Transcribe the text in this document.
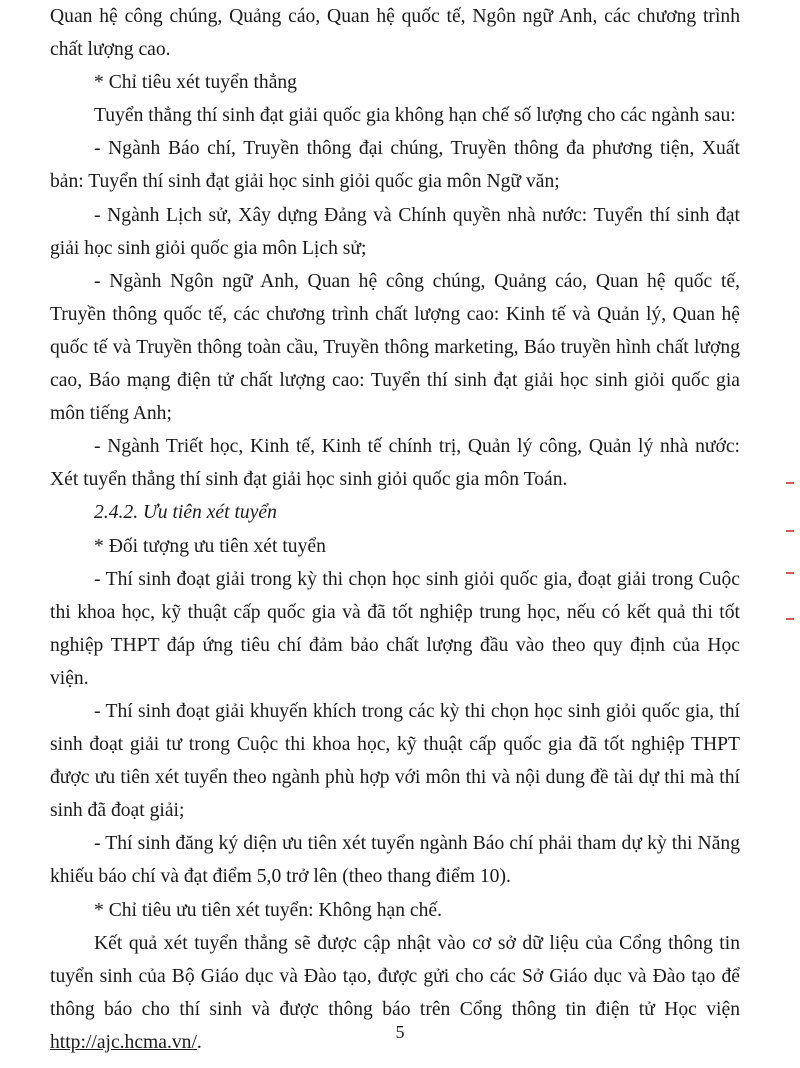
Quan hệ công chúng, Quảng cáo, Quan hệ quốc tế, Ngôn ngữ Anh, các chương trình chất lượng cao.

* Chỉ tiêu xét tuyển thẳng

Tuyển thẳng thí sinh đạt giải quốc gia không hạn chế số lượng cho các ngành sau:

- Ngành Báo chí, Truyền thông đại chúng, Truyền thông đa phương tiện, Xuất bản: Tuyển thí sinh đạt giải học sinh giỏi quốc gia môn Ngữ văn;

- Ngành Lịch sử, Xây dựng Đảng và Chính quyền nhà nước: Tuyển thí sinh đạt giải học sinh giỏi quốc gia môn Lịch sử;

- Ngành Ngôn ngữ Anh, Quan hệ công chúng, Quảng cáo, Quan hệ quốc tế, Truyền thông quốc tế, các chương trình chất lượng cao: Kinh tế và Quản lý, Quan hệ quốc tế và Truyền thông toàn cầu, Truyền thông marketing, Báo truyền hình chất lượng cao, Báo mạng điện tử chất lượng cao: Tuyển thí sinh đạt giải học sinh giỏi quốc gia môn tiếng Anh;

- Ngành Triết học, Kinh tế, Kinh tế chính trị, Quản lý công, Quản lý nhà nước: Xét tuyển thẳng thí sinh đạt giải học sinh giỏi quốc gia môn Toán.

2.4.2. Ưu tiên xét tuyển

* Đối tượng ưu tiên xét tuyển

- Thí sinh đoạt giải trong kỳ thi chọn học sinh giỏi quốc gia, đoạt giải trong Cuộc thi khoa học, kỹ thuật cấp quốc gia và đã tốt nghiệp trung học, nếu có kết quả thi tốt nghiệp THPT đáp ứng tiêu chí đảm bảo chất lượng đầu vào theo quy định của Học viện.

- Thí sinh đoạt giải khuyến khích trong các kỳ thi chọn học sinh giỏi quốc gia, thí sinh đoạt giải tư trong Cuộc thi khoa học, kỹ thuật cấp quốc gia đã tốt nghiệp THPT được ưu tiên xét tuyển theo ngành phù hợp với môn thi và nội dung đề tài dự thi mà thí sinh đã đoạt giải;

- Thí sinh đăng ký diện ưu tiên xét tuyển ngành Báo chí phải tham dự kỳ thi Năng khiếu báo chí và đạt điểm 5,0 trở lên (theo thang điểm 10).

* Chỉ tiêu ưu tiên xét tuyển: Không hạn chế.

Kết quả xét tuyển thẳng sẽ được cập nhật vào cơ sở dữ liệu của Cổng thông tin tuyển sinh của Bộ Giáo dục và Đào tạo, được gửi cho các Sở Giáo dục và Đào tạo để thông báo cho thí sinh và được thông báo trên Cổng thông tin điện tử Học viện http://ajc.hcma.vn/.	5
